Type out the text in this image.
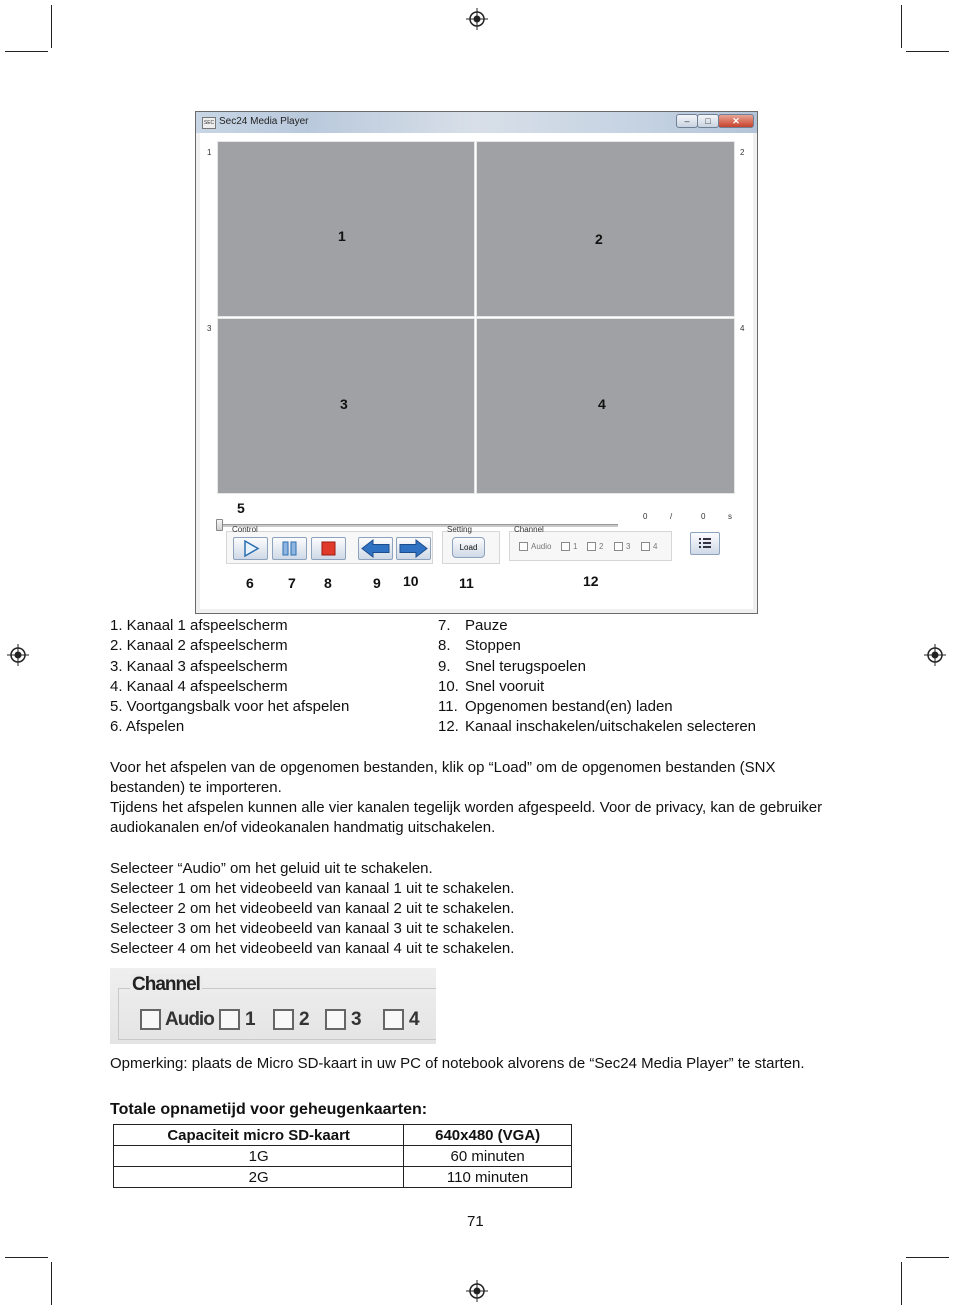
SEC Sec24 Media Player	–	□	✕
1	2
3	4
1	2
3	4
5
0	/	0	s
Control	Setting
Load
Channel
Audio	1	2	3	4
6 7 8	9 10	11	12
1. Kanaal 1 afspeelscherm
2. Kanaal 2 afspeelscherm
3. Kanaal 3 afspeelscherm
4. Kanaal 4 afspeelscherm
5. Voortgangsbalk voor het afspelen
6. Afspelen
7. Pauze
8. Stoppen
9. Snel terugspoelen
10. Snel vooruit
11. Opgenomen bestand(en) laden
12. Kanaal inschakelen/uitschakelen selecteren
Voor het afspelen van de opgenomen bestanden, klik op “Load” om de opgenomen bestanden (SNX bestanden) te importeren.
Tijdens het afspelen kunnen alle vier kanalen tegelijk worden afgespeeld. Voor de privacy, kan de gebruiker audiokanalen en/of videokanalen handmatig uitschakelen.
Selecteer “Audio” om het geluid uit te schakelen.
Selecteer 1 om het videobeeld van kanaal 1 uit te schakelen.
Selecteer 2 om het videobeeld van kanaal 2 uit te schakelen.
Selecteer 3 om het videobeeld van kanaal 3 uit te schakelen.
Selecteer 4 om het videobeeld van kanaal 4 uit te schakelen.
Channel
Audio 1 2 3	4
Opmerking: plaats de Micro SD-kaart in uw PC of notebook alvorens de “Sec24 Media Player” te starten.
Totale opnametijd voor geheugenkaarten:
Capaciteit micro SD-kaart	640x480 (VGA)
1G	60 minuten
2G	110 minuten
71
